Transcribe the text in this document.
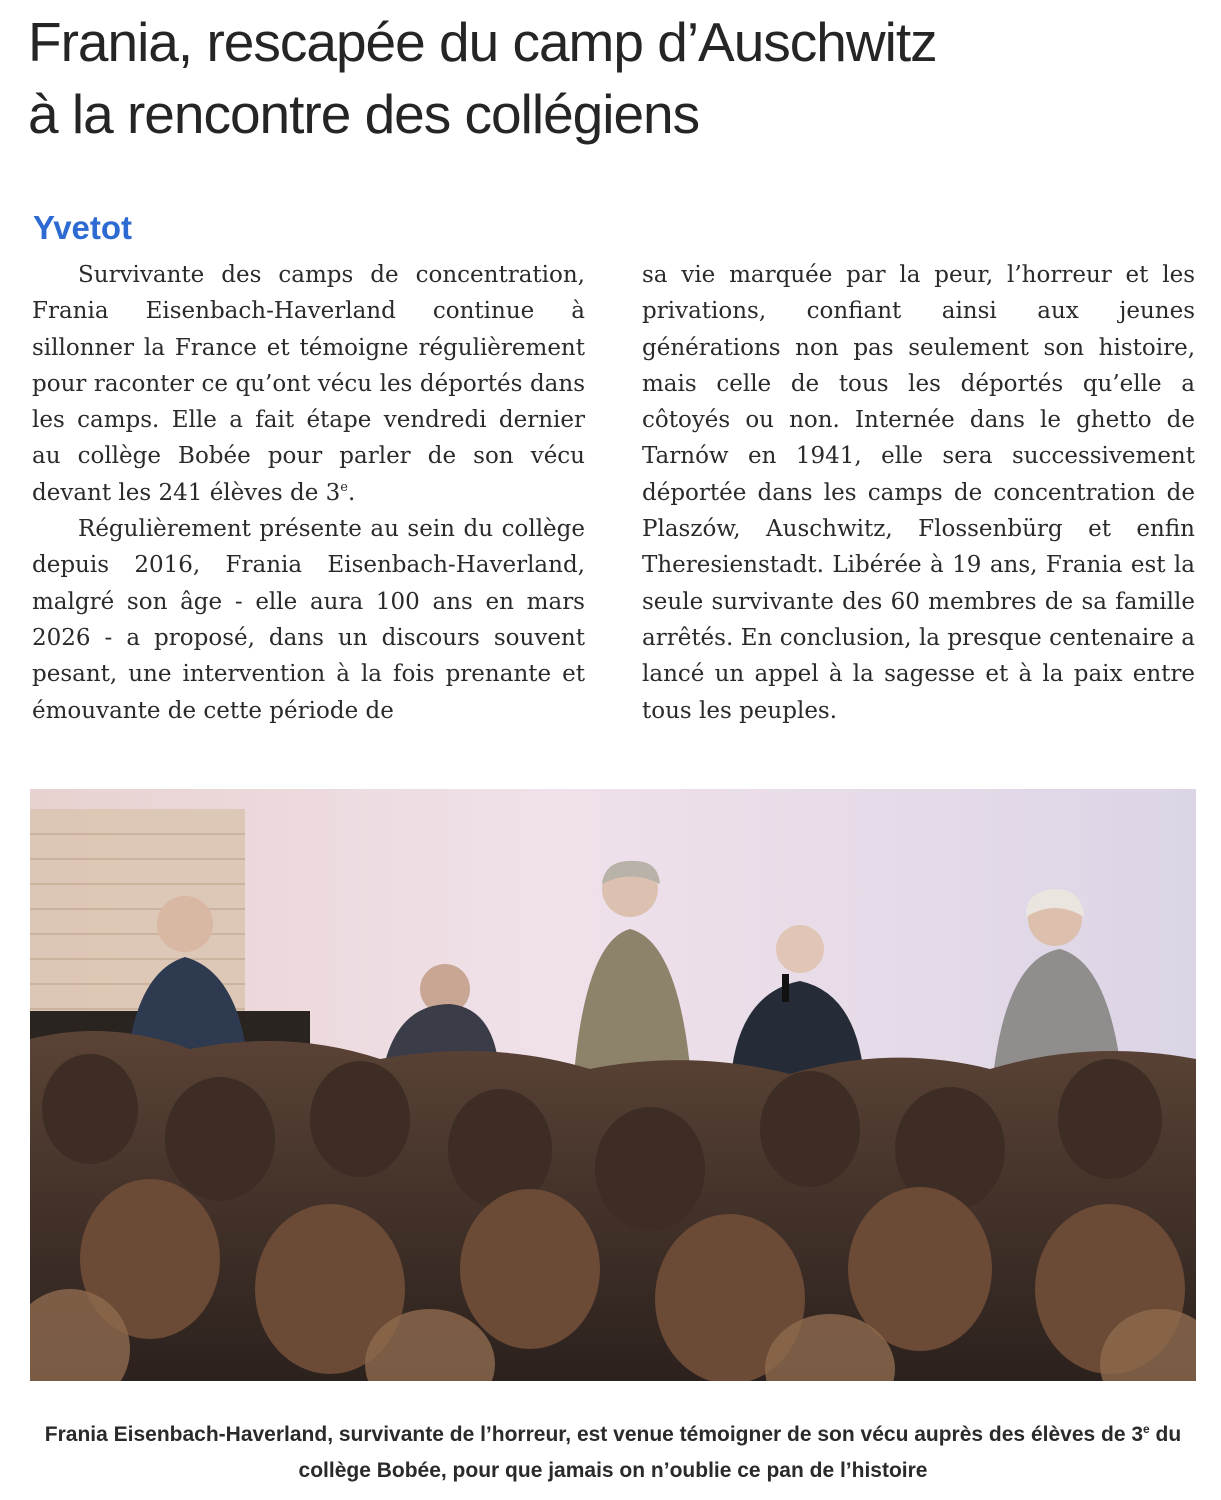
Frania, rescapée du camp d’Auschwitz
à la rencontre des collégiens
Yvetot

Survivante des camps de concentration, Frania Eisenbach-Haverland continue à sillonner la France et témoigne régulièrement pour raconter ce qu’ont vécu les déportés dans les camps. Elle a fait étape vendredi dernier au collège Bobée pour parler de son vécu devant les 241 élèves de 3e.

Régulièrement présente au sein du collège depuis 2016, Frania Eisenbach-Haverland, malgré son âge - elle aura 100 ans en mars 2026 - a proposé, dans un discours souvent pesant, une intervention à la fois prenante et émouvante de cette période de

sa vie marquée par la peur, l’horreur et les privations, confiant ainsi aux jeunes générations non pas seulement son histoire, mais celle de tous les déportés qu’elle a côtoyés ou non. Internée dans le ghetto de Tarnów en 1941, elle sera successivement déportée dans les camps de concentration de Plaszów, Auschwitz, Flossenbürg et enfin Theresienstadt. Libérée à 19 ans, Frania est la seule survivante des 60 membres de sa famille arrêtés. En conclusion, la presque centenaire a lancé un appel à la sagesse et à la paix entre tous les peuples.

Frania Eisenbach-Haverland, survivante de l’horreur, est venue témoigner de son vécu auprès des élèves de 3e du collège Bobée, pour que jamais on n’oublie ce pan de l’histoire
